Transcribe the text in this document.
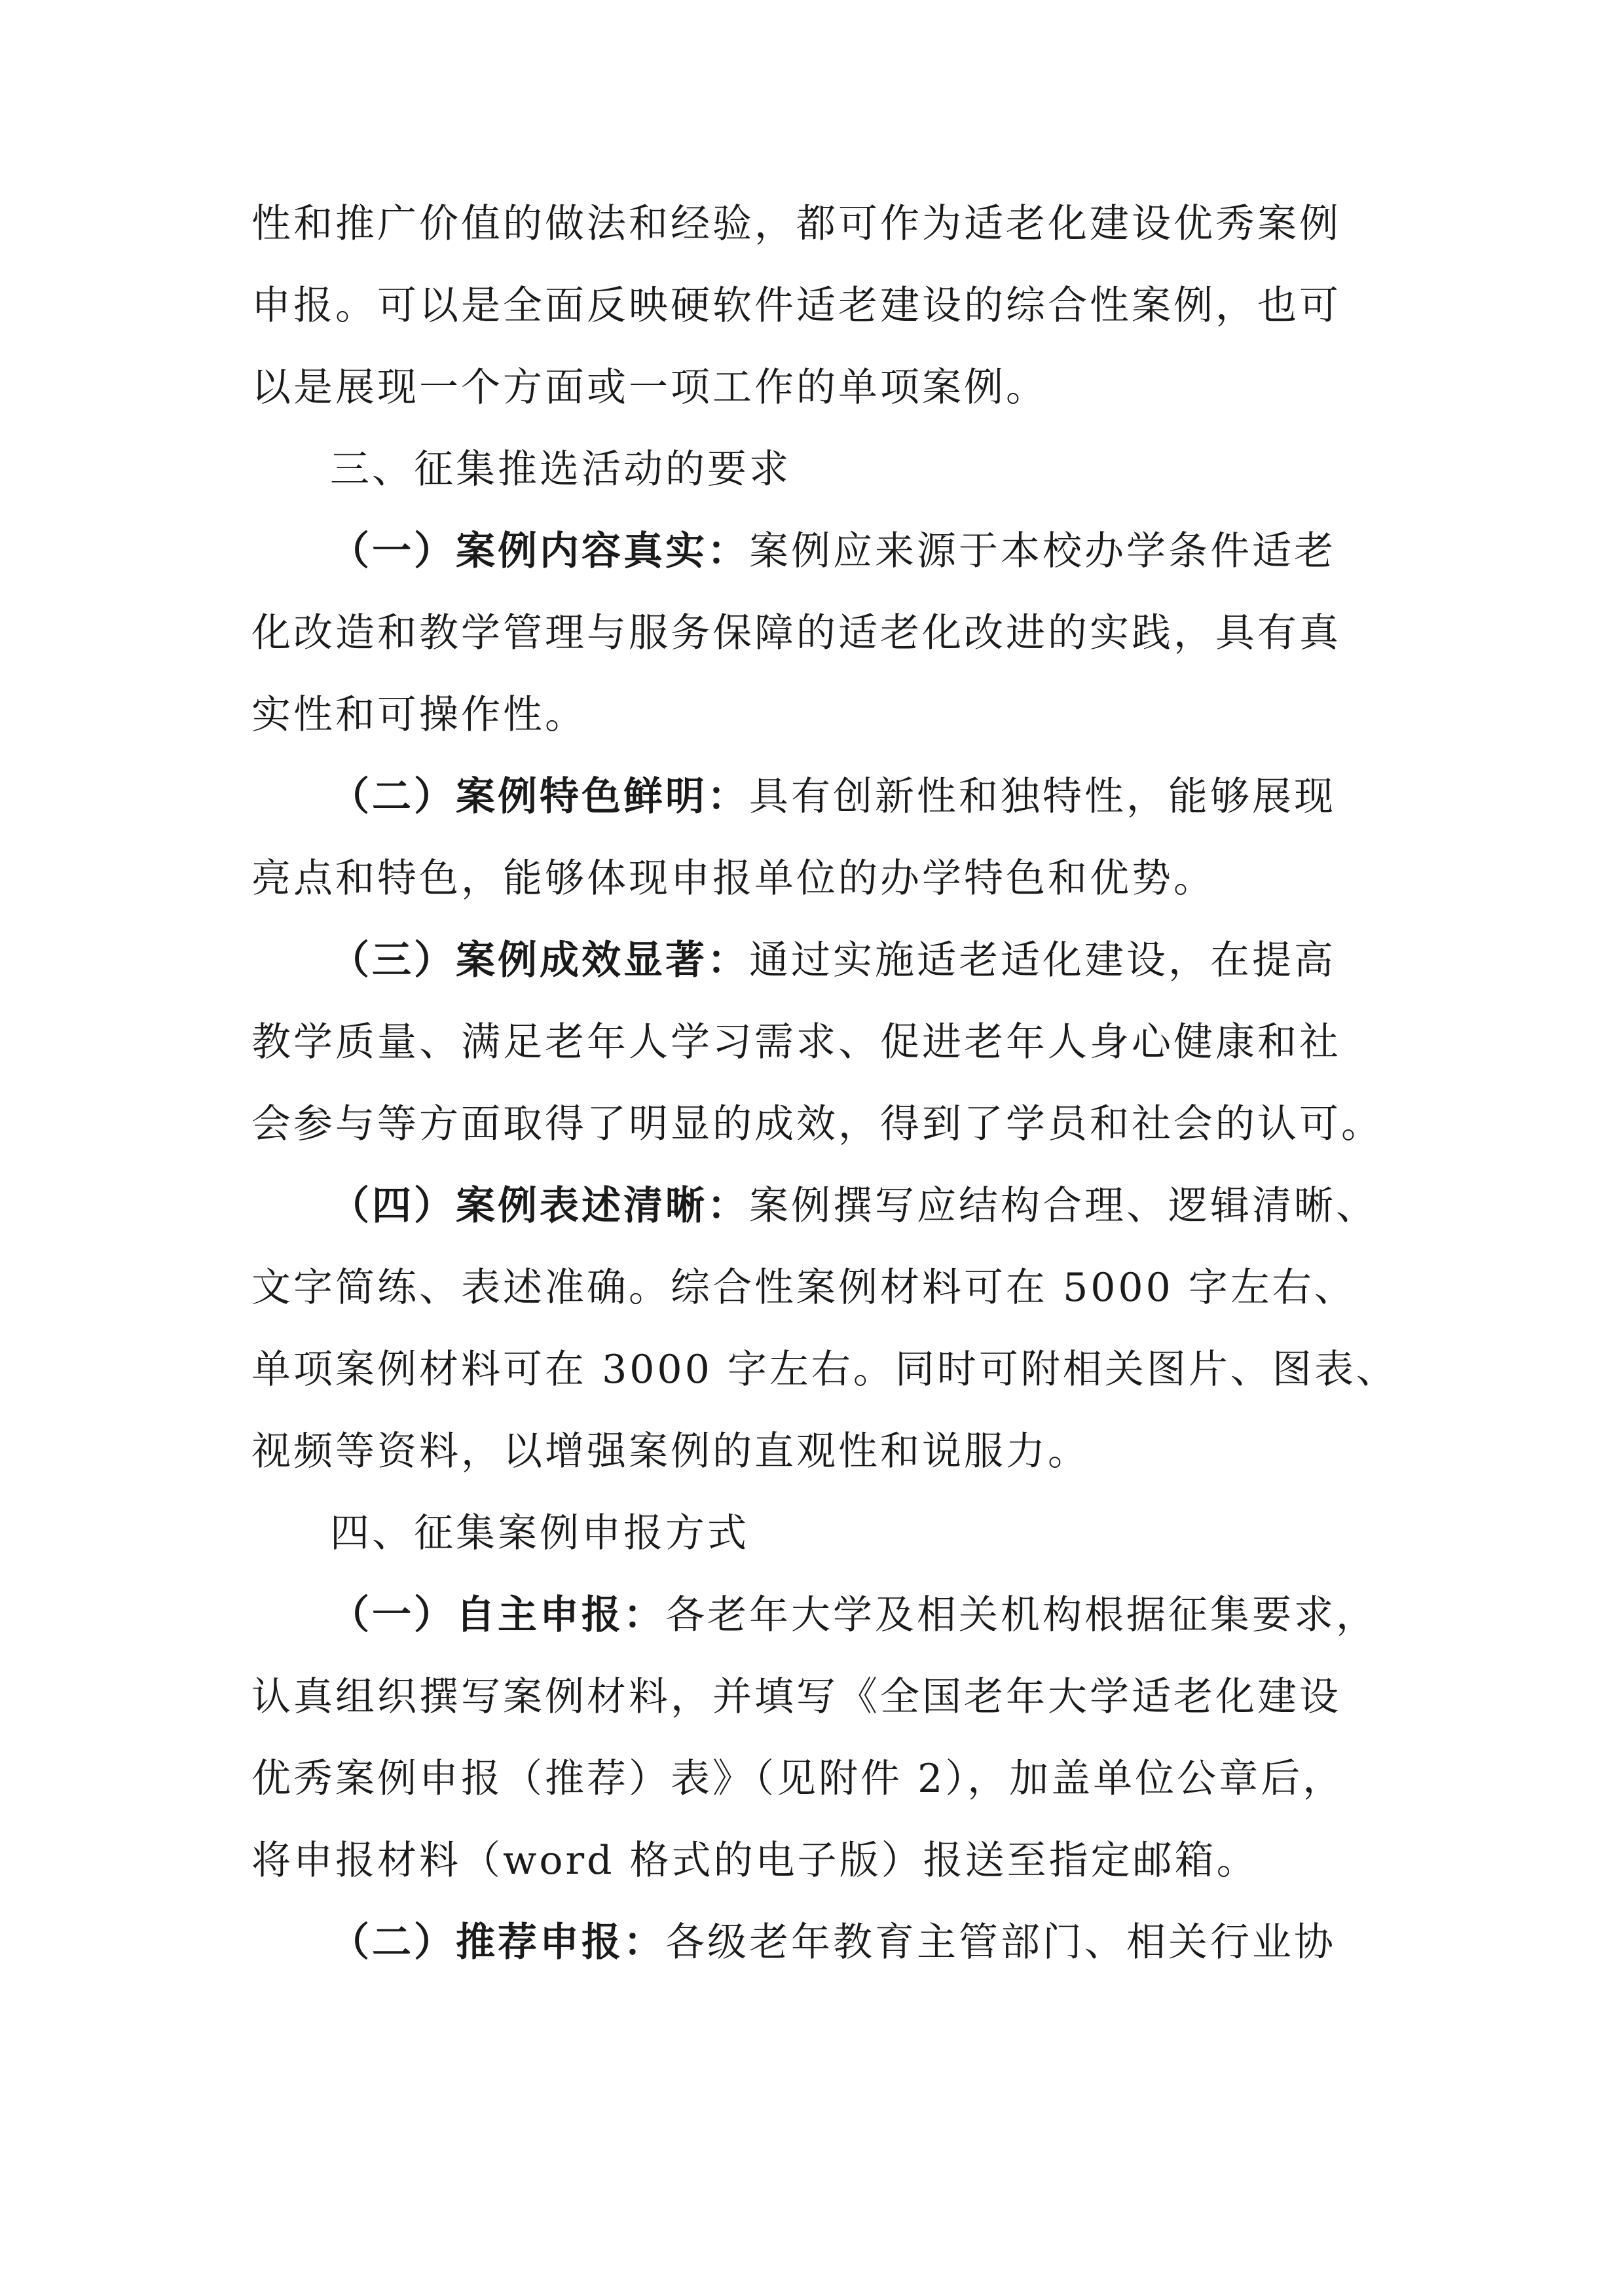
性和推广价值的做法和经验，都可作为适老化建设优秀案例
申报。可以是全面反映硬软件适老建设的综合性案例，也可
以是展现一个方面或一项工作的单项案例。
三、征集推选活动的要求
（一）案例内容真实：案例应来源于本校办学条件适老
化改造和教学管理与服务保障的适老化改进的实践，具有真
实性和可操作性。
（二）案例特色鲜明：具有创新性和独特性，能够展现
亮点和特色，能够体现申报单位的办学特色和优势。
（三）案例成效显著：通过实施适老适化建设，在提高
教学质量、满足老年人学习需求、促进老年人身心健康和社
会参与等方面取得了明显的成效，得到了学员和社会的认可。
（四）案例表述清晰：案例撰写应结构合理、逻辑清晰、
文字简练、表述准确。综合性案例材料可在 5000 字左右、
单项案例材料可在 3000 字左右。同时可附相关图片、图表、
视频等资料，以增强案例的直观性和说服力。
四、征集案例申报方式
（一）自主申报：各老年大学及相关机构根据征集要求，
认真组织撰写案例材料，并填写《全国老年大学适老化建设
优秀案例申报（推荐）表》（见附件 2），加盖单位公章后，
将申报材料（word 格式的电子版）报送至指定邮箱。
（二）推荐申报：各级老年教育主管部门、相关行业协
